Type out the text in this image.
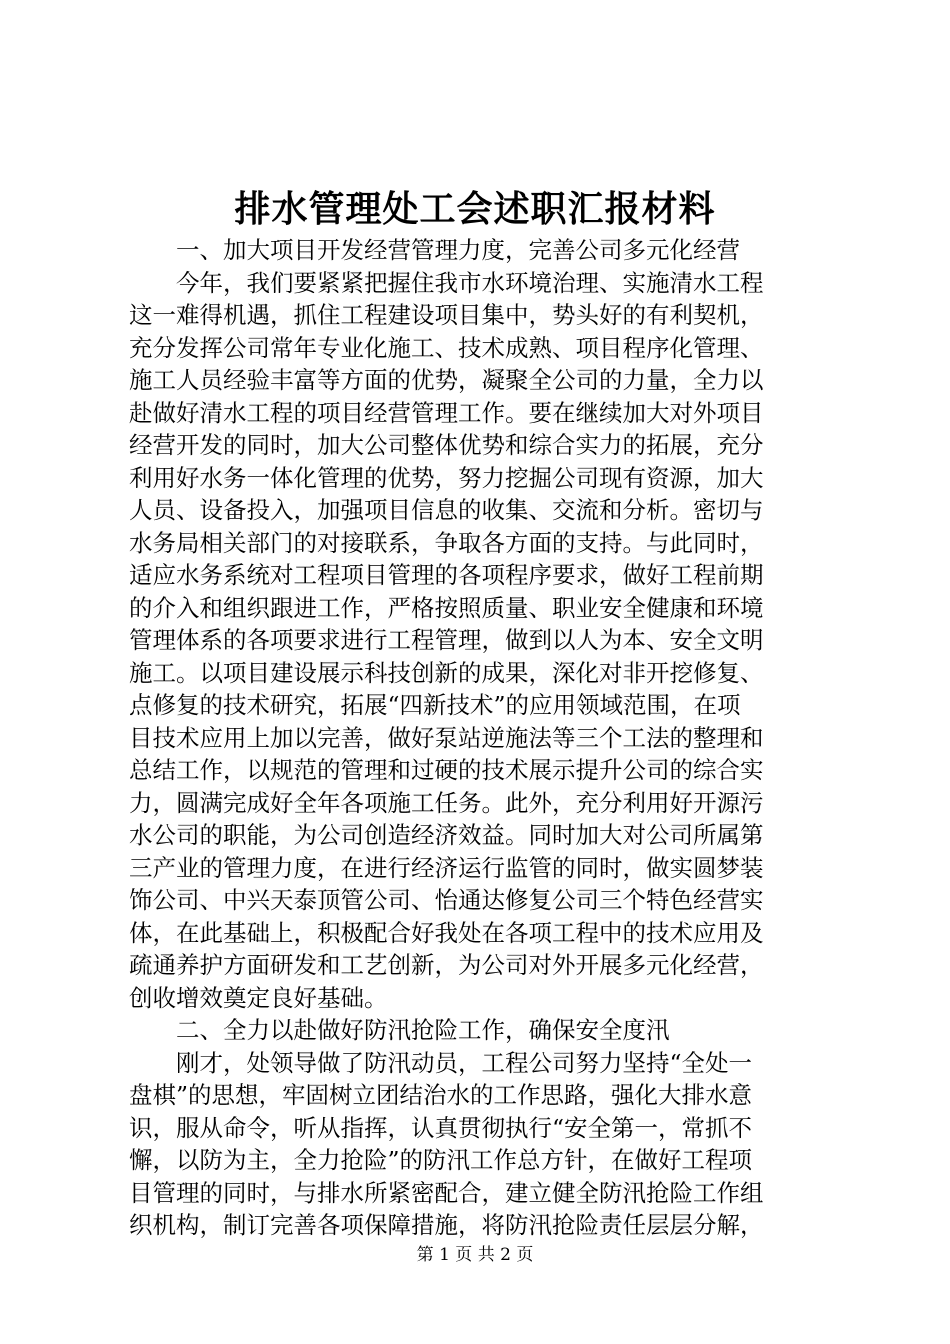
排水管理处工会述职汇报材料
一、加大项目开发经营管理力度，完善公司多元化经营
今年，我们要紧紧把握住我市水环境治理、实施清水工程
这一难得机遇，抓住工程建设项目集中，势头好的有利契机，
充分发挥公司常年专业化施工、技术成熟、项目程序化管理、
施工人员经验丰富等方面的优势，凝聚全公司的力量，全力以
赴做好清水工程的项目经营管理工作。要在继续加大对外项目
经营开发的同时，加大公司整体优势和综合实力的拓展，充分
利用好水务一体化管理的优势，努力挖掘公司现有资源，加大
人员、设备投入，加强项目信息的收集、交流和分析。密切与
水务局相关部门的对接联系，争取各方面的支持。与此同时，
适应水务系统对工程项目管理的各项程序要求，做好工程前期
的介入和组织跟进工作，严格按照质量、职业安全健康和环境
管理体系的各项要求进行工程管理，做到以人为本、安全文明
施工。以项目建设展示科技创新的成果，深化对非开挖修复、
点修复的技术研究，拓展“四新技术”的应用领域范围，在项
目技术应用上加以完善，做好泵站逆施法等三个工法的整理和
总结工作，以规范的管理和过硬的技术展示提升公司的综合实
力，圆满完成好全年各项施工任务。此外，充分利用好开源污
水公司的职能，为公司创造经济效益。同时加大对公司所属第
三产业的管理力度，在进行经济运行监管的同时，做实圆梦装
饰公司、中兴天泰顶管公司、怡通达修复公司三个特色经营实
体，在此基础上，积极配合好我处在各项工程中的技术应用及
疏通养护方面研发和工艺创新，为公司对外开展多元化经营，
创收增效奠定良好基础。
二、全力以赴做好防汛抢险工作，确保安全度汛
刚才，处领导做了防汛动员，工程公司努力坚持“全处一
盘棋”的思想，牢固树立团结治水的工作思路，强化大排水意
识，服从命令，听从指挥，认真贯彻执行“安全第一，常抓不
懈，以防为主，全力抢险”的防汛工作总方针，在做好工程项
目管理的同时，与排水所紧密配合，建立健全防汛抢险工作组
织机构，制订完善各项保障措施，将防汛抢险责任层层分解，
第 1 页 共 2 页
